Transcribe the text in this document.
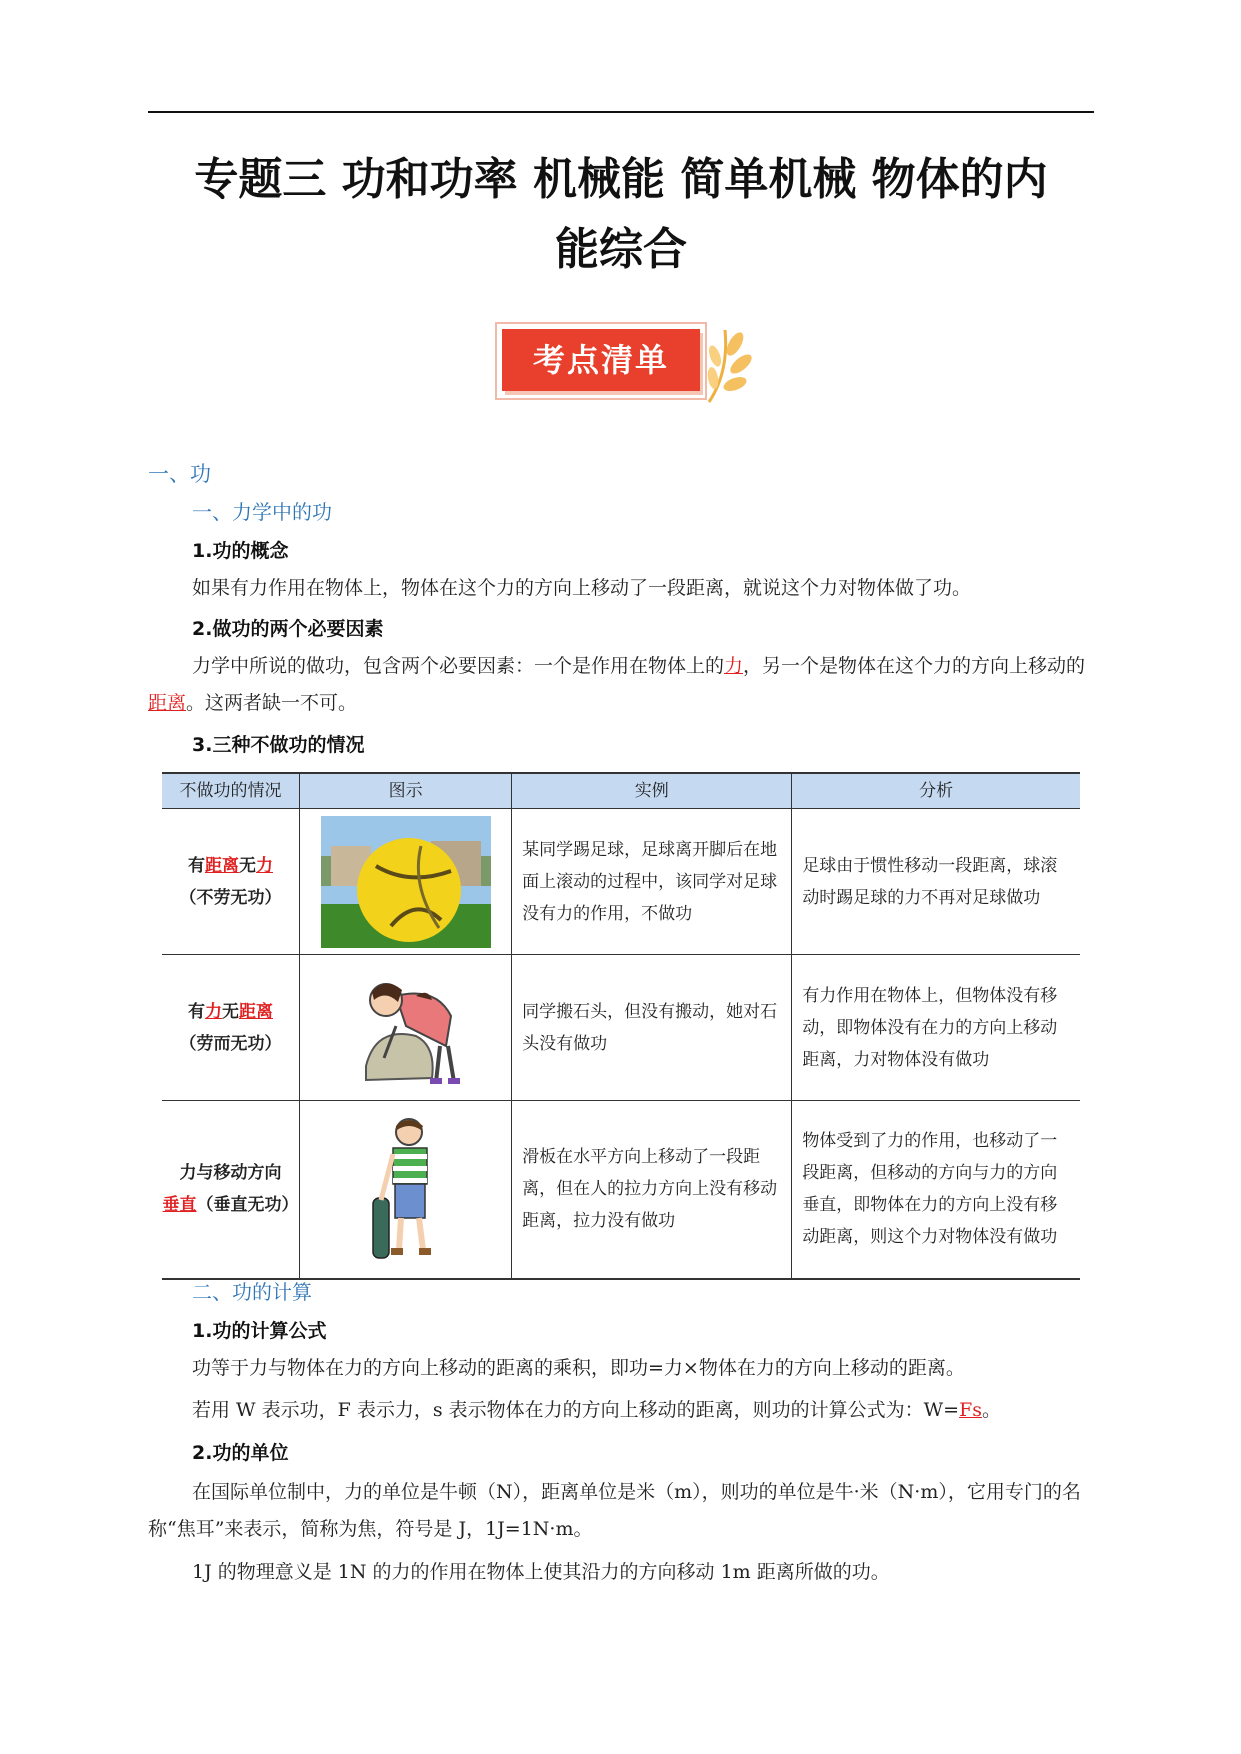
专题三 功和功率 机械能 简单机械 物体的内
能综合
考点清单
一、功
一、力学中的功
1.功的概念
如果有力作用在物体上，物体在这个力的方向上移动了一段距离，就说这个力对物体做了功。
2.做功的两个必要因素
力学中所说的做功，包含两个必要因素：一个是作用在物体上的力，另一个是物体在这个力的方向上移动的距离。这两者缺一不可。
3.三种不做功的情况
不做功的情况	图示	实例	分析

有距离无力
（不劳无功）		某同学踢足球，足球离开脚后在地面上滚动的过程中，该同学对足球没有力的作用，不做功	足球由于惯性移动一段距离，球滚动时踢足球的力不再对足球做功

有力无距离
（劳而无功）		同学搬石头，但没有搬动，她对石头没有做功	有力作用在物体上，但物体没有移动，即物体没有在力的方向上移动距离，力对物体没有做功

力与移动方向
垂直（垂直无功）		滑板在水平方向上移动了一段距离，但在人的拉力方向上没有移动距离，拉力没有做功	物体受到了力的作用，也移动了一段距离，但移动的方向与力的方向垂直，即物体在力的方向上没有移动距离，则这个力对物体没有做功
二、功的计算
1.功的计算公式
功等于力与物体在力的方向上移动的距离的乘积，即功=力×物体在力的方向上移动的距离。
若用 W 表示功，F 表示力，s 表示物体在力的方向上移动的距离，则功的计算公式为：W=Fs。
2.功的单位
在国际单位制中，力的单位是牛顿（N），距离单位是米（m），则功的单位是牛·米（N·m），它用专门的名称“焦耳”来表示，简称为焦，符号是 J，1J=1N·m。
1J 的物理意义是 1N 的力的作用在物体上使其沿力的方向移动 1m 距离所做的功。
